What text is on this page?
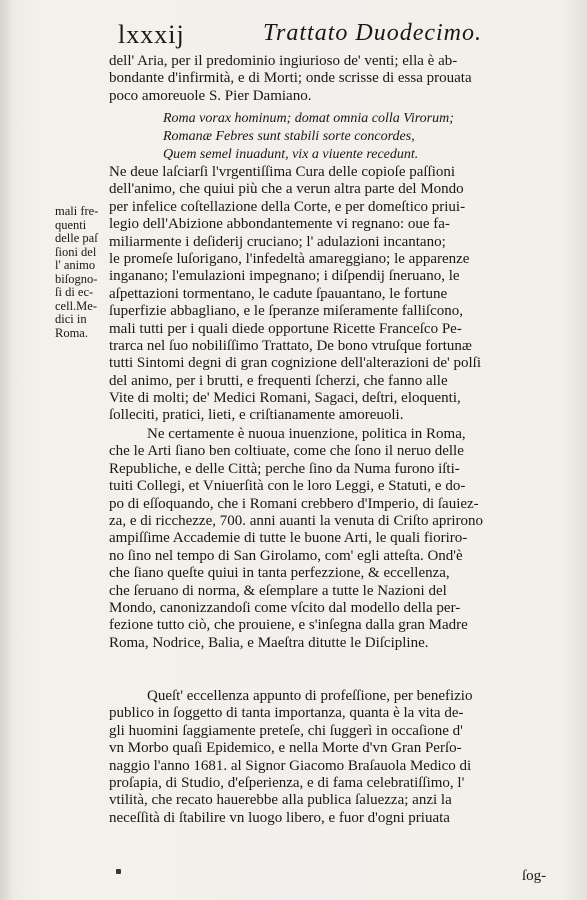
lxxxij	Trattato Duodecimo.
dell' Aria, per il predominio ingiurioso de' venti; ella è ab-
bondante d'infirmità, e di Morti; onde scrisse di essa prouata
poco amoreuole S. Pier Damiano.
Roma vorax hominum; domat omnia colla Virorum;
Romanæ Febres sunt stabili sorte concordes,
Quem semel inuadunt, vix a viuente recedunt.
mali fre-
quenti
delle paſ
ſioni del
l' animo
biſogno-
ſi di ec-
cell.Me-
dici in
Roma.
Ne deue laſciarſi l'vrgentiſſima Cura delle copioſe paſſioni
dell'animo, che quiui più che a verun altra parte del Mondo
per infelice coſtellazione della Corte, e per domeſtico priui-
legio dell'Abizione abbondantemente vi regnano: oue fa-
miliarmente i deſiderij cruciano; l' adulazioni incantano;
le promeſe luſorigano, l'infedeltà amareggiano; le apparenze
inganano; l'emulazioni impegnano; i diſpendij ſneruano, le
aſpettazioni tormentano, le cadute ſpauantano, le fortune
ſuperfizie abbagliano, e le ſperanze miſeramente falliſcono,
mali tutti per i quali diede opportune Ricette Franceſco Pe-
trarca nel ſuo nobiliſſimo Trattato, De bono vtruſque fortunæ
tutti Sintomi degni di gran cognizione dell'alterazioni de' polſi
del animo, per i brutti, e frequenti ſcherzi, che fanno alle
Vite di molti; de' Medici Romani, Sagaci, deſtri, eloquenti,
ſolleciti, pratici, lieti, e criſtianamente amoreuoli.
Ne certamente è nuoua inuenzione, politica in Roma,
che le Arti ſiano ben coltiuate, come che ſono il neruo delle
Republiche, e delle Città; perche ſino da Numa furono iſti-
tuiti Collegi, et Vniuerſità con le loro Leggi, e Statuti, e do-
po di eſſoquando, che i Romani crebbero d'Imperio, di ſauiez-
za, e di ricchezze, 700. anni auanti la venuta di Criſto aprirono
ampiſſime Accademie di tutte le buone Arti, le quali fioriro-
no ſino nel tempo di San Girolamo, com' egli atteſta. Ond'è
che ſiano queſte quiui in tanta perfezzione, & eccellenza,
che ſeruano di norma, & eſemplare a tutte le Nazioni del
Mondo, canonizzandoſi come vſcito dal modello della per-
fezione tutto ciò, che prouiene, e s'inſegna dalla gran Madre
Roma, Nodrice, Balia, e Maeſtra ditutte le Diſcipline.
Queſt' eccellenza appunto di profeſſione, per benefizio
publico in ſoggetto di tanta importanza, quanta è la vita de-
gli huomini ſaggiamente preteſe, chi ſuggerì in occaſione d'
vn Morbo quaſi Epidemico, e nella Morte d'vn Gran Perſo-
naggio l'anno 1681. al Signor Giacomo Braſauola Medico di
proſapia, di Studio, d'eſperienza, e di fama celebratiſſimo, l'
vtilità, che recato hauerebbe alla publica ſaluezza; anzi la
neceſſità di ſtabilire vn luogo libero, e fuor d'ogni priuata
ſog-
